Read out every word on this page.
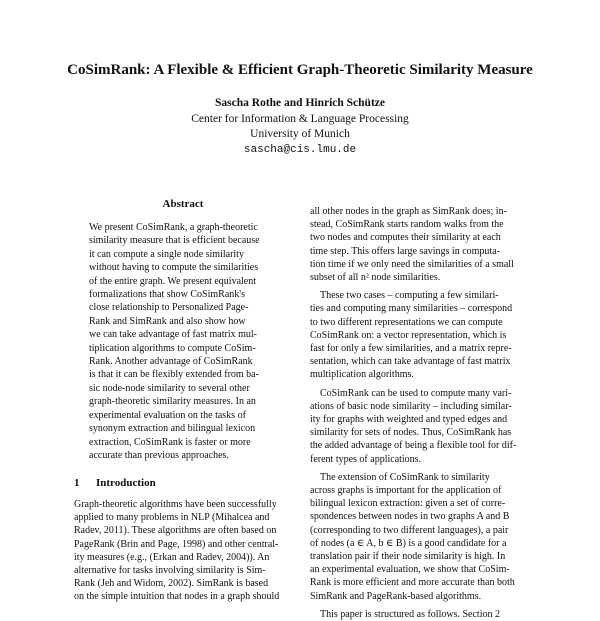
CoSimRank: A Flexible & Efficient Graph-Theoretic Similarity Measure
Sascha Rothe and Hinrich Schütze
Center for Information & Language Processing
University of Munich
sascha@cis.lmu.de
Abstract
We present CoSimRank, a graph-theoretic
similarity measure that is efficient because
it can compute a single node similarity
without having to compute the similarities
of the entire graph. We present equivalent
formalizations that show CoSimRank's
close relationship to Personalized Page-
Rank and SimRank and also show how
we can take advantage of fast matrix mul-
tiplication algorithms to compute CoSim-
Rank. Another advantage of CoSimRank
is that it can be flexibly extended from ba-
sic node-node similarity to several other
graph-theoretic similarity measures. In an
experimental evaluation on the tasks of
synonym extraction and bilingual lexicon
extraction, CoSimRank is faster or more
accurate than previous approaches.
1 Introduction
Graph-theoretic algorithms have been successfully
applied to many problems in NLP (Mihalcea and
Radev, 2011). These algorithms are often based on
PageRank (Brin and Page, 1998) and other central-
ity measures (e.g., (Erkan and Radev, 2004)). An
alternative for tasks involving similarity is Sim-
Rank (Jeh and Widom, 2002). SimRank is based
on the simple intuition that nodes in a graph should
all other nodes in the graph as SimRank does; in-
stead, CoSimRank starts random walks from the
two nodes and computes their similarity at each
time step. This offers large savings in computa-
tion time if we only need the similarities of a small
subset of all n² node similarities.
These two cases – computing a few similari-
ties and computing many similarities – correspond
to two different representations we can compute
CoSimRank on: a vector representation, which is
fast for only a few similarities, and a matrix repre-
sentation, which can take advantage of fast matrix
multiplication algorithms.
CoSimRank can be used to compute many vari-
ations of basic node similarity – including similar-
ity for graphs with weighted and typed edges and
similarity for sets of nodes. Thus, CoSimRank has
the added advantage of being a flexible tool for dif-
ferent types of applications.
The extension of CoSimRank to similarity
across graphs is important for the application of
bilingual lexicon extraction: given a set of corre-
spondences between nodes in two graphs A and B
(corresponding to two different languages), a pair
of nodes (a ∈ A, b ∈ B) is a good candidate for a
translation pair if their node similarity is high. In
an experimental evaluation, we show that CoSim-
Rank is more efficient and more accurate than both
SimRank and PageRank-based algorithms.
This paper is structured as follows. Section 2
